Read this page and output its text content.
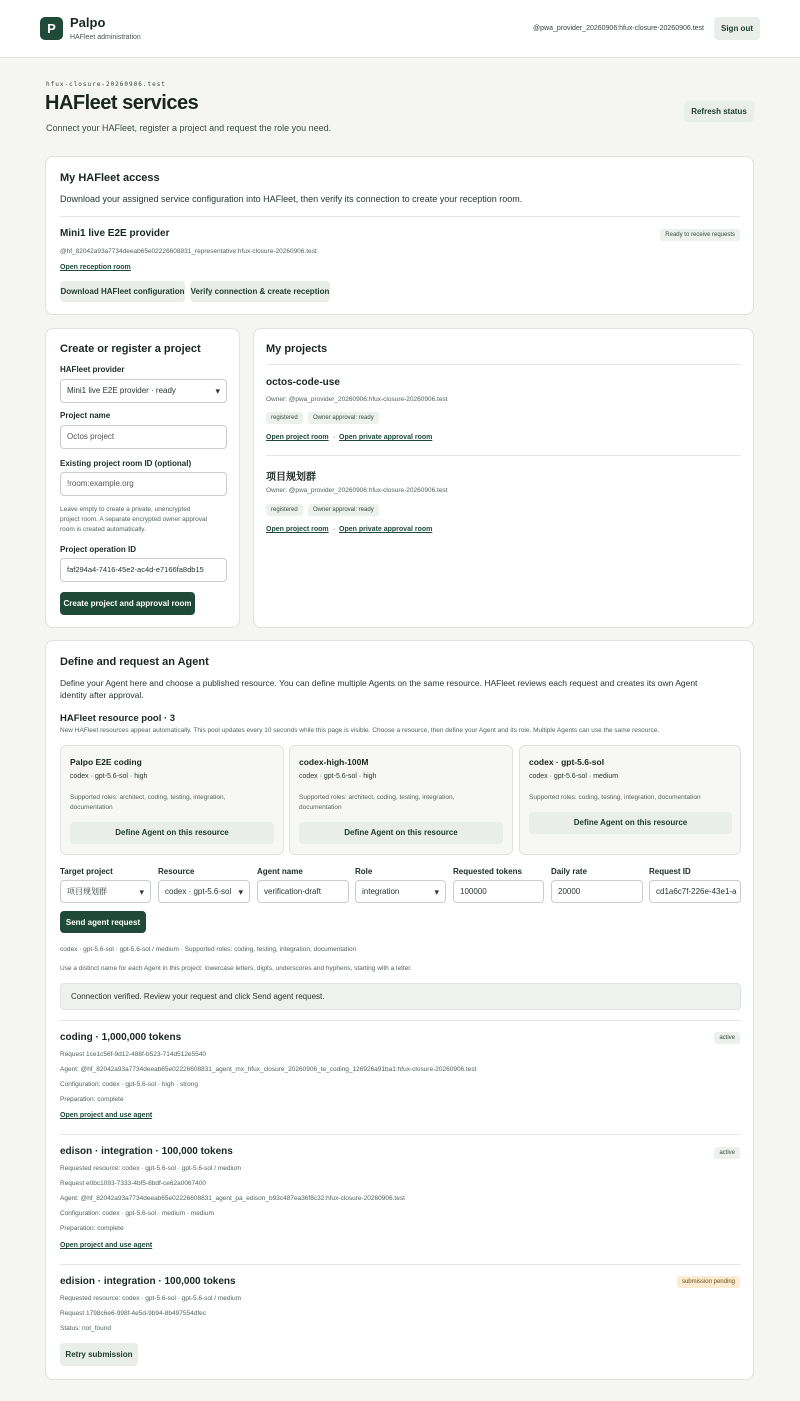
P	Palpo
HAFleet administration
@pwa_provider_20260906:hfux-closure-20260906.test	Sign out
hfux-closure-20260906.test
HAFleet services
Connect your HAFleet, register a project and request the role you need.
Refresh status
My HAFleet access
Download your assigned service configuration into HAFleet, then verify its connection to create your reception room.
Mini1 live E2E provider	Ready to receive requests
@hf_82042a93a7734deeab65e02226608831_representative:hfux-closure-20260906.test
Open reception room
Download HAFleet configuration Verify connection & create reception
Create or register a project
HAFleet provider
Mini1 live E2E provider · ready ▾
Project name
Octos project
Existing project room ID (optional)
!room:example.org
Leave empty to create a private, unencrypted
project room. A separate encrypted owner approval
room is created automatically.
Project operation ID
faf294a4-7416-45e2-ac4d-e7166fa8db15
Create project and approval room
My projects
octos-code-use
Owner: @pwa_provider_20260906:hfux-closure-20260906.test
registered	Owner approval: ready
Open project room · Open private approval room
项目规划群
Owner: @pwa_provider_20260906:hfux-closure-20260906.test
registered	Owner approval: ready
Open project room · Open private approval room
Define and request an Agent
Define your Agent here and choose a published resource. You can define multiple Agents on the same resource. HAFleet reviews each request and creates its own Agent
identity after approval.
HAFleet resource pool · 3
New HAFleet resources appear automatically. This pool updates every 10 seconds while this page is visible. Choose a resource, then define your Agent and its role. Multiple Agents can use the same resource.
Palpo E2E coding
codex · gpt-5.6-sol · high
Supported roles: architect, coding, testing, integration,
documentation
Define Agent on this resource
codex-high-100M
codex · gpt-5.6-sol · high
Supported roles: architect, coding, testing, integration,
documentation
Define Agent on this resource
codex · gpt-5.6-sol
codex · gpt-5.6-sol · medium
Supported roles: coding, testing, integration, documentation
Define Agent on this resource
Target project
项目规划群 ▾
Resource
codex · gpt-5.6-sol ▾
Agent name
verification-draft
Role
integration ▾
Requested tokens
100000
Daily rate
20000
Request ID
cd1a6c7f-226e-43e1-a
Send agent request
codex · gpt-5.6-sol · gpt-5.6-sol / medium · Supported roles: coding, testing, integration, documentation
Use a distinct name for each Agent in this project: lowercase letters, digits, underscores and hyphens, starting with a letter.
Connection verified. Review your request and click Send agent request.
coding · 1,000,000 tokens	active
Request 1ce1c56f-9d12-488f-b523-714d512e5540
Agent: @hf_82042a93a7734deeab65e02226608831_agent_mx_hfux_closure_20260906_te_coding_126926a91ba1:hfux-closure-20260906.test
Configuration: codex · gpt-5.6-sol · high · strong
Preparation: complete
Open project and use agent
edison · integration · 100,000 tokens	active
Requested resource: codex · gpt-5.6-sol · gpt-5.6-sol / medium
Request e0bc1093-7333-4bf5-8bdf-ce62a0067400
Agent: @hf_82042a93a7734deeab65e02226608831_agent_pa_edison_b93c487ea36f8c32:hfux-closure-20260906.test
Configuration: codex · gpt-5.6-sol · medium · medium
Preparation: complete
Open project and use agent
edision · integration · 100,000 tokens	submission pending
Requested resource: codex · gpt-5.6-sol · gpt-5.6-sol / medium
Request 1798c6e6-998f-4e5d-9b94-8b497554dfec
Status: not_found
Retry submission
